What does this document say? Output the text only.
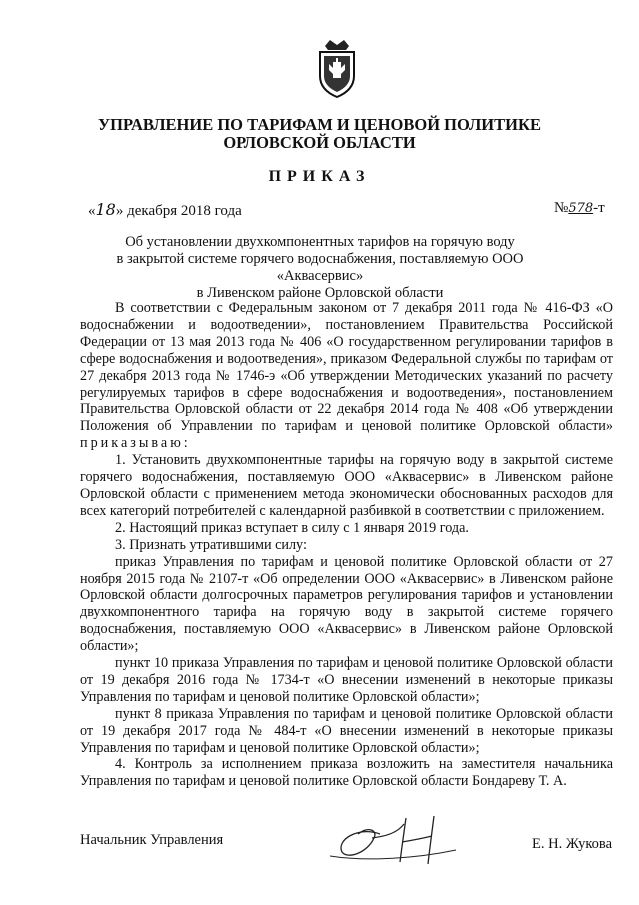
УПРАВЛЕНИЕ ПО ТАРИФАМ И ЦЕНОВОЙ ПОЛИТИКЕ
ОРЛОВСКОЙ ОБЛАСТИ
ПРИКАЗ
«18» декабря 2018 года	№578-т
Об установлении двухкомпонентных тарифов на горячую воду
в закрытой системе горячего водоснабжения, поставляемую ООО «Аквасервис»
в Ливенском районе Орловской области

В соответствии с Федеральным законом от 7 декабря 2011 года № 416-ФЗ «О водоснабжении и водоотведении», постановлением Правительства Российской Федерации от 13 мая 2013 года № 406 «О государственном регулировании тарифов в сфере водоснабжения и водоотведения», приказом Федеральной службы по тарифам от 27 декабря 2013 года № 1746-э «Об утверждении Методических указаний по расчету регулируемых тарифов в сфере водоснабжения и водоотведения», постановлением Правительства Орловской области от 22 декабря 2014 года № 408 «Об утверждении Положения об Управлении по тарифам и ценовой политике Орловской области» приказываю:

1. Установить двухкомпонентные тарифы на горячую воду в закрытой системе горячего водоснабжения, поставляемую ООО «Аквасервис» в Ливенском районе Орловской области с применением метода экономически обоснованных расходов для всех категорий потребителей с календарной разбивкой в соответствии с приложением.

2. Настоящий приказ вступает в силу с 1 января 2019 года.

3. Признать утратившими силу:

приказ Управления по тарифам и ценовой политике Орловской области от 27 ноября 2015 года № 2107-т «Об определении ООО «Аквасервис» в Ливенском районе Орловской области долгосрочных параметров регулирования тарифов и установлении двухкомпонентного тарифа на горячую воду в закрытой системе горячего водоснабжения, поставляемую ООО «Аквасервис» в Ливенском районе Орловской области»;

пункт 10 приказа Управления по тарифам и ценовой политике Орловской области от 19 декабря 2016 года № 1734-т «О внесении изменений в некоторые приказы Управления по тарифам и ценовой политике Орловской области»;

пункт 8 приказа Управления по тарифам и ценовой политике Орловской области от 19 декабря 2017 года № 484-т «О внесении изменений в некоторые приказы Управления по тарифам и ценовой политике Орловской области»;

4. Контроль за исполнением приказа возложить на заместителя начальника Управления по тарифам и ценовой политике Орловской области Бондареву Т. А.

Начальник Управления	Е. Н. Жукова
